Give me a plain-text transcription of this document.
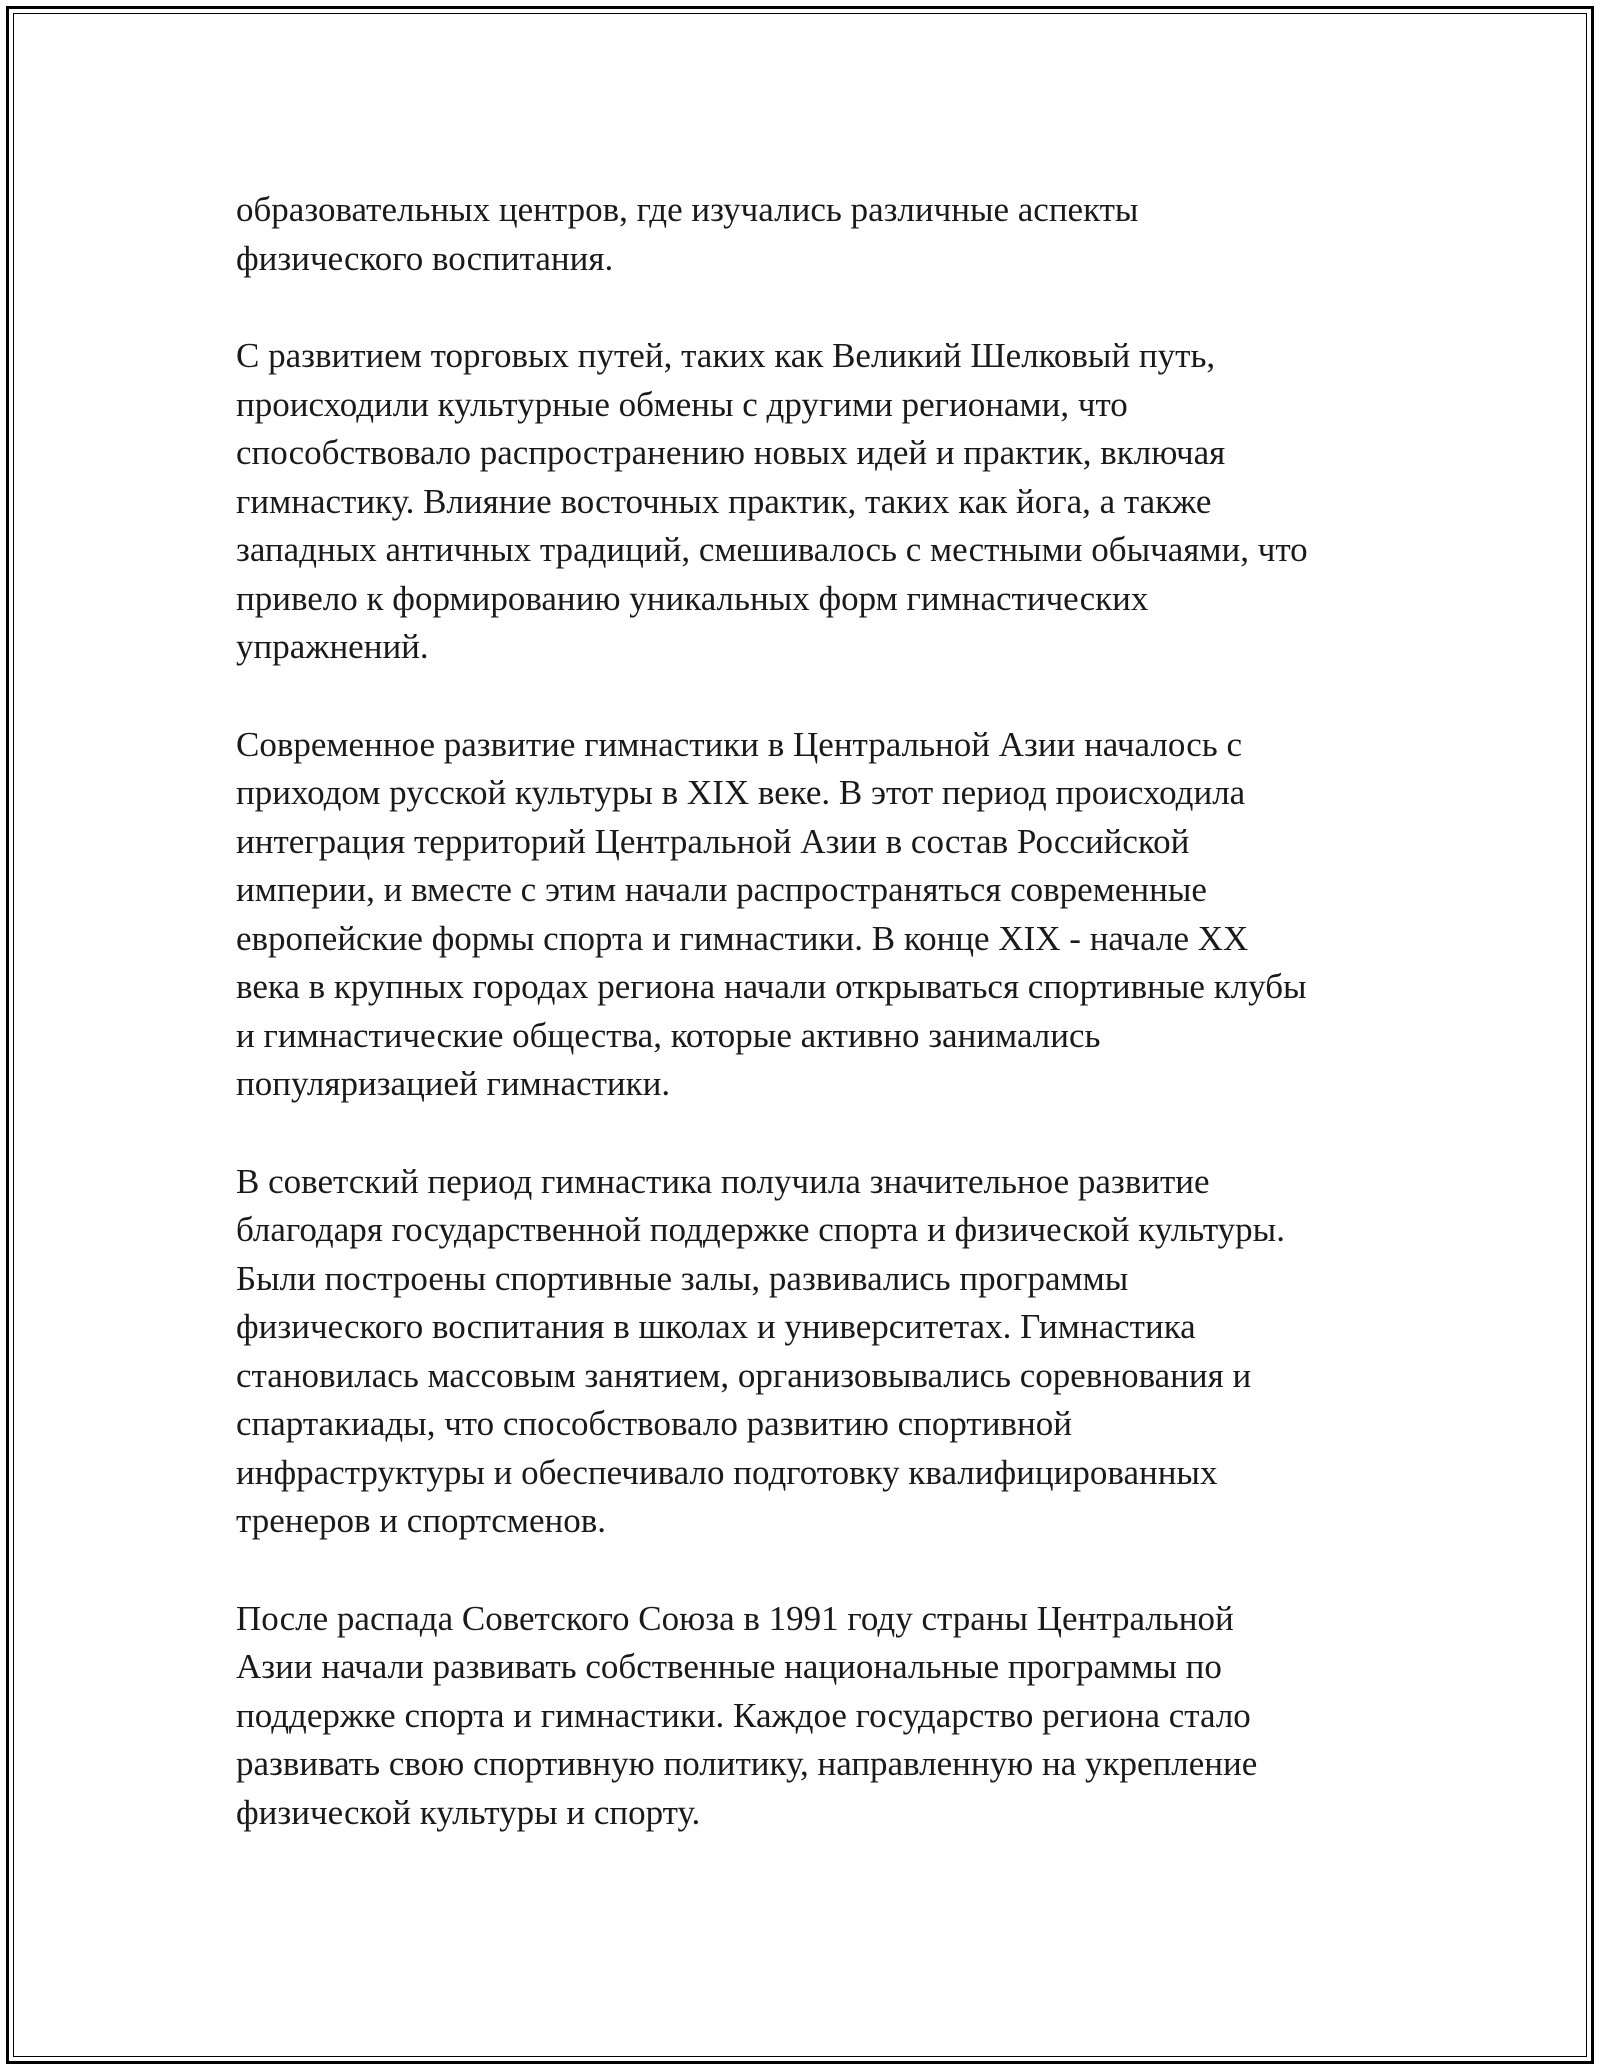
образовательных центров, где изучались различные аспекты
физического воспитания.

С развитием торговых путей, таких как Великий Шелковый путь,
происходили культурные обмены с другими регионами, что
способствовало распространению новых идей и практик, включая
гимнастику. Влияние восточных практик, таких как йога, а также
западных античных традиций, смешивалось с местными обычаями, что
привело к формированию уникальных форм гимнастических
упражнений.

Современное развитие гимнастики в Центральной Азии началось с
приходом русской культуры в XIX веке. В этот период происходила
интеграция территорий Центральной Азии в состав Российской
империи, и вместе с этим начали распространяться современные
европейские формы спорта и гимнастики. В конце XIX - начале XX
века в крупных городах региона начали открываться спортивные клубы
и гимнастические общества, которые активно занимались
популяризацией гимнастики.

В советский период гимнастика получила значительное развитие
благодаря государственной поддержке спорта и физической культуры.
Были построены спортивные залы, развивались программы
физического воспитания в школах и университетах. Гимнастика
становилась массовым занятием, организовывались соревнования и
спартакиады, что способствовало развитию спортивной
инфраструктуры и обеспечивало подготовку квалифицированных
тренеров и спортсменов.

После распада Советского Союза в 1991 году страны Центральной
Азии начали развивать собственные национальные программы по
поддержке спорта и гимнастики. Каждое государство региона стало
развивать свою спортивную политику, направленную на укрепление
физической культуры и спорту.
